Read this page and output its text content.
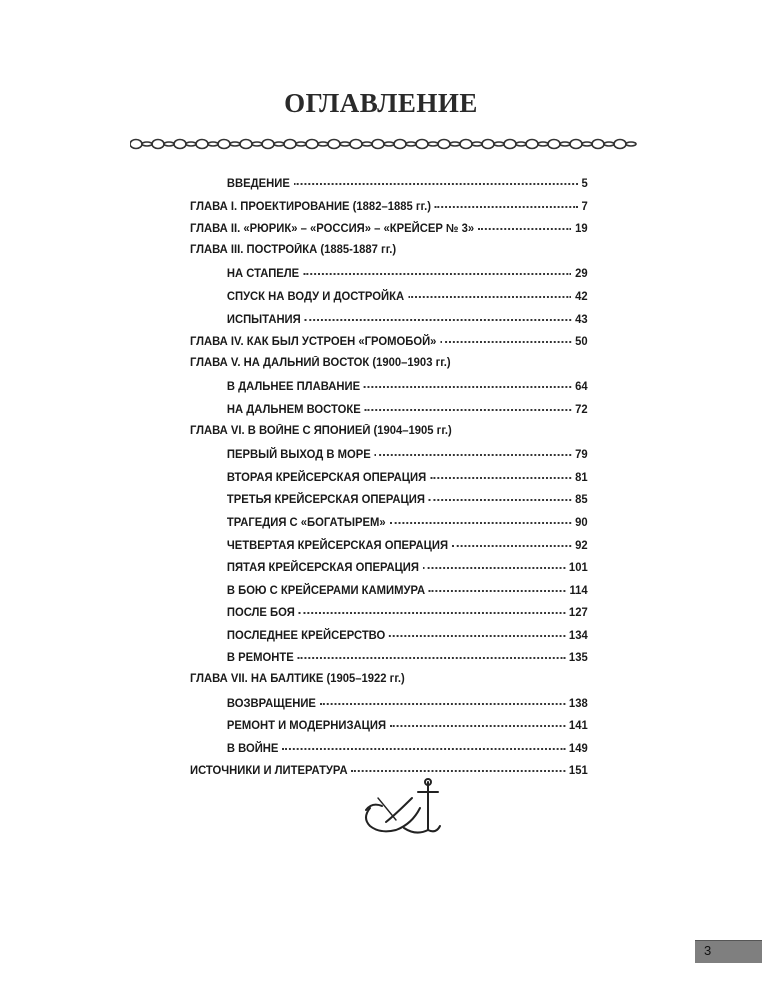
ОГЛАВЛЕНИЕ
ВВЕДЕНИЕ	5
ГЛАВА I. ПРОЕКТИРОВАНИЕ (1882–1885 гг.)	7
ГЛАВА II. «РЮРИК» – «РОССИЯ» – «КРЕЙСЕР № 3»	19
ГЛАВА III. ПОСТРОЙКА (1885-1887 гг.)
НА СТАПЕЛЕ	29
СПУСК НА ВОДУ И ДОСТРОЙКА	42
ИСПЫТАНИЯ	43
ГЛАВА IV. КАК БЫЛ УСТРОЕН «ГРОМОБОЙ»	50
ГЛАВА V. НА ДАЛЬНИЙ ВОСТОК (1900–1903 гг.)
В ДАЛЬНЕЕ ПЛАВАНИЕ	64
НА ДАЛЬНЕМ ВОСТОКЕ	72
ГЛАВА VI. В ВОЙНЕ С ЯПОНИЕЙ (1904–1905 гг.)
ПЕРВЫЙ ВЫХОД В МОРЕ	79
ВТОРАЯ КРЕЙСЕРСКАЯ ОПЕРАЦИЯ	81
ТРЕТЬЯ КРЕЙСЕРСКАЯ ОПЕРАЦИЯ	85
ТРАГЕДИЯ С «БОГАТЫРЕМ»	90
ЧЕТВЕРТАЯ КРЕЙСЕРСКАЯ ОПЕРАЦИЯ	92
ПЯТАЯ КРЕЙСЕРСКАЯ ОПЕРАЦИЯ	101
В БОЮ С КРЕЙСЕРАМИ КАМИМУРА	114
ПОСЛЕ БОЯ	127
ПОСЛЕДНЕЕ КРЕЙСЕРСТВО	134
В РЕМОНТЕ	135
ГЛАВА VII. НА БАЛТИКЕ (1905–1922 гг.)
ВОЗВРАЩЕНИЕ	138
РЕМОНТ И МОДЕРНИЗАЦИЯ	141
В ВОЙНЕ	149
ИСТОЧНИКИ И ЛИТЕРАТУРА	151
3
